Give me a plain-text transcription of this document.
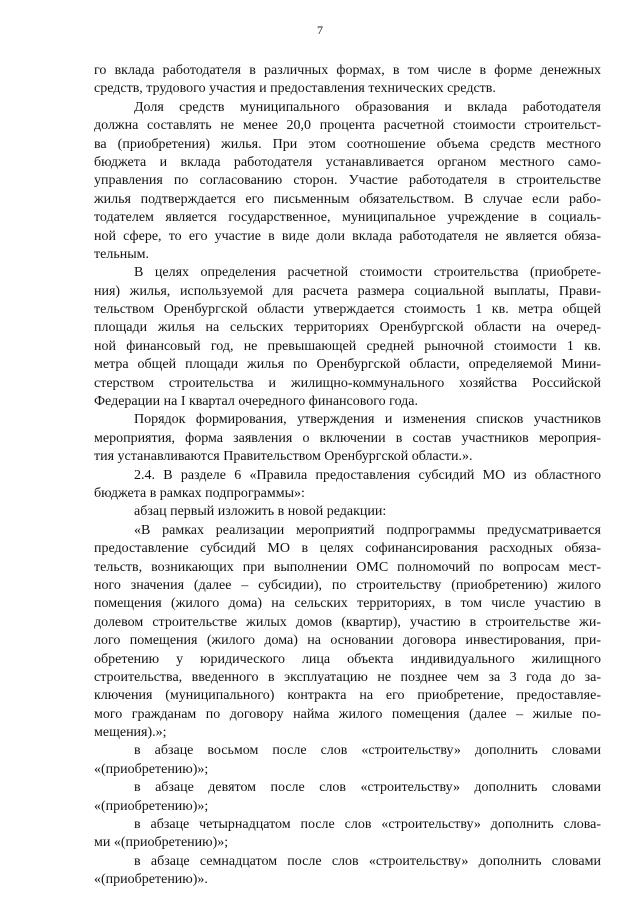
7
го вклада работодателя в различных формах, в том числе в форме денежных
средств, трудового участия и предоставления технических средств.
Доля средств муниципального образования и вклада работодателя
должна составлять не менее 20,0 процента расчетной стоимости строительст-
ва (приобретения) жилья. При этом соотношение объема средств местного
бюджета и вклада работодателя устанавливается органом местного само-
управления по согласованию сторон. Участие работодателя в строительстве
жилья подтверждается его письменным обязательством. В случае если рабо-
тодателем является государственное, муниципальное учреждение в социаль-
ной сфере, то его участие в виде доли вклада работодателя не является обяза-
тельным.
В целях определения расчетной стоимости строительства (приобрете-
ния) жилья, используемой для расчета размера социальной выплаты, Прави-
тельством Оренбургской области утверждается стоимость 1 кв. метра общей
площади жилья на сельских территориях Оренбургской области на очеред-
ной финансовый год, не превышающей средней рыночной стоимости 1 кв.
метра общей площади жилья по Оренбургской области, определяемой Мини-
стерством строительства и жилищно-коммунального хозяйства Российской
Федерации на I квартал очередного финансового года.
Порядок формирования, утверждения и изменения списков участников
мероприятия, форма заявления о включении в состав участников мероприя-
тия устанавливаются Правительством Оренбургской области.».
2.4. В разделе 6 «Правила предоставления субсидий МО из областного
бюджета в рамках подпрограммы»:
абзац первый изложить в новой редакции:
«В рамках реализации мероприятий подпрограммы предусматривается
предоставление субсидий МО в целях софинансирования расходных обяза-
тельств, возникающих при выполнении ОМС полномочий по вопросам мест-
ного значения (далее – субсидии), по строительству (приобретению) жилого
помещения (жилого дома) на сельских территориях, в том числе участию в
долевом строительстве жилых домов (квартир), участию в строительстве жи-
лого помещения (жилого дома) на основании договора инвестирования, при-
обретению у юридического лица объекта индивидуального жилищного
строительства, введенного в эксплуатацию не позднее чем за 3 года до за-
ключения (муниципального) контракта на его приобретение, предоставляе-
мого гражданам по договору найма жилого помещения (далее – жилые по-
мещения).»;
в абзаце восьмом после слов «строительству» дополнить словами
«(приобретению)»;
в абзаце девятом после слов «строительству» дополнить словами
«(приобретению)»;
в абзаце четырнадцатом после слов «строительству» дополнить слова-
ми «(приобретению)»;
в абзаце семнадцатом после слов «строительству» дополнить словами
«(приобретению)».
